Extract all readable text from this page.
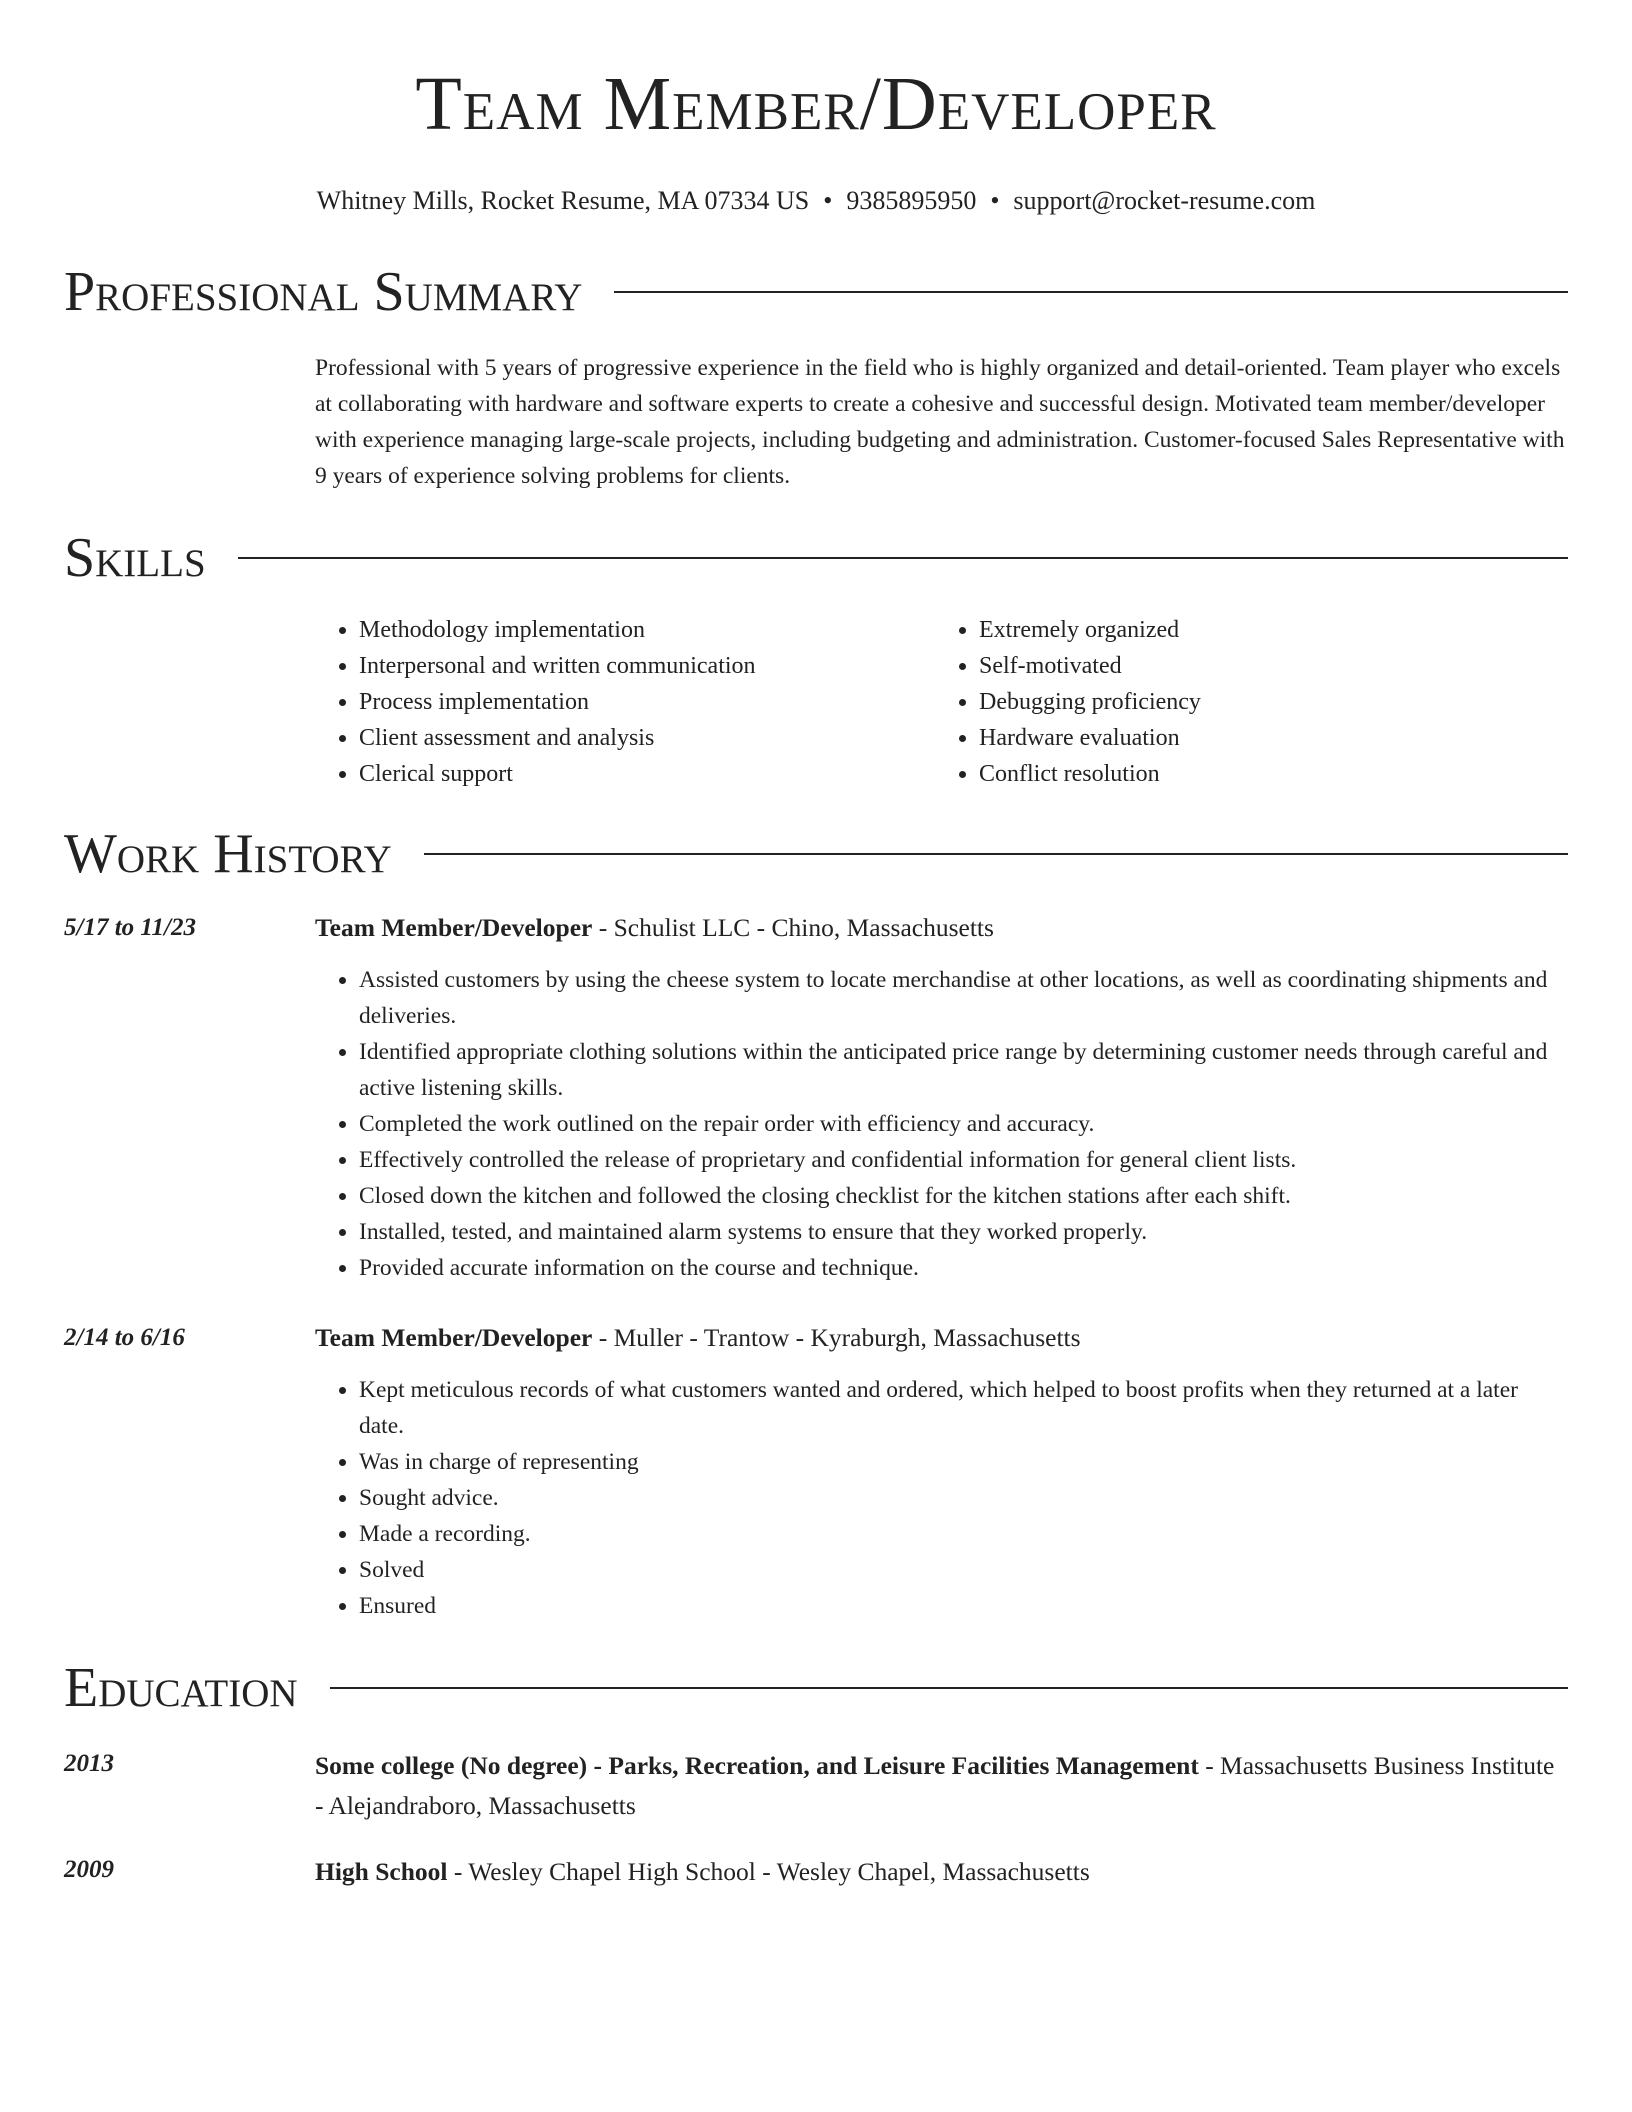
Team Member/Developer
Whitney Mills, Rocket Resume, MA 07334 US • 9385895950 • support@rocket-resume.com
Professional Summary

Professional with 5 years of progressive experience in the field who is highly organized and detail-oriented. Team player who excels at collaborating with hardware and software experts to create a cohesive and successful design. Motivated team member/developer with experience managing large-scale projects, including budgeting and administration. Customer-focused Sales Representative with 9 years of experience solving problems for clients.

Skills
• Methodology implementation
• Interpersonal and written communication
• Process implementation
• Client assessment and analysis
• Clerical support
• Extremely organized
• Self-motivated
• Debugging proficiency
• Hardware evaluation
• Conflict resolution
Work History
5/17 to 11/23	Team Member/Developer - Schulist LLC - Chino, Massachusetts
• Assisted customers by using the cheese system to locate merchandise at other locations, as well as coordinating shipments and deliveries.
• Identified appropriate clothing solutions within the anticipated price range by determining customer needs through careful and active listening skills.
• Completed the work outlined on the repair order with efficiency and accuracy.
• Effectively controlled the release of proprietary and confidential information for general client lists.
• Closed down the kitchen and followed the closing checklist for the kitchen stations after each shift.
• Installed, tested, and maintained alarm systems to ensure that they worked properly.
• Provided accurate information on the course and technique.
2/14 to 6/16	Team Member/Developer - Muller - Trantow - Kyraburgh, Massachusetts
• Kept meticulous records of what customers wanted and ordered, which helped to boost profits when they returned at a later date.
• Was in charge of representing
• Sought advice.
• Made a recording.
• Solved
• Ensured
Education
2013	Some college (No degree) - Parks, Recreation, and Leisure Facilities Management - Massachusetts Business Institute - Alejandraboro, Massachusetts
2009	High School - Wesley Chapel High School - Wesley Chapel, Massachusetts
